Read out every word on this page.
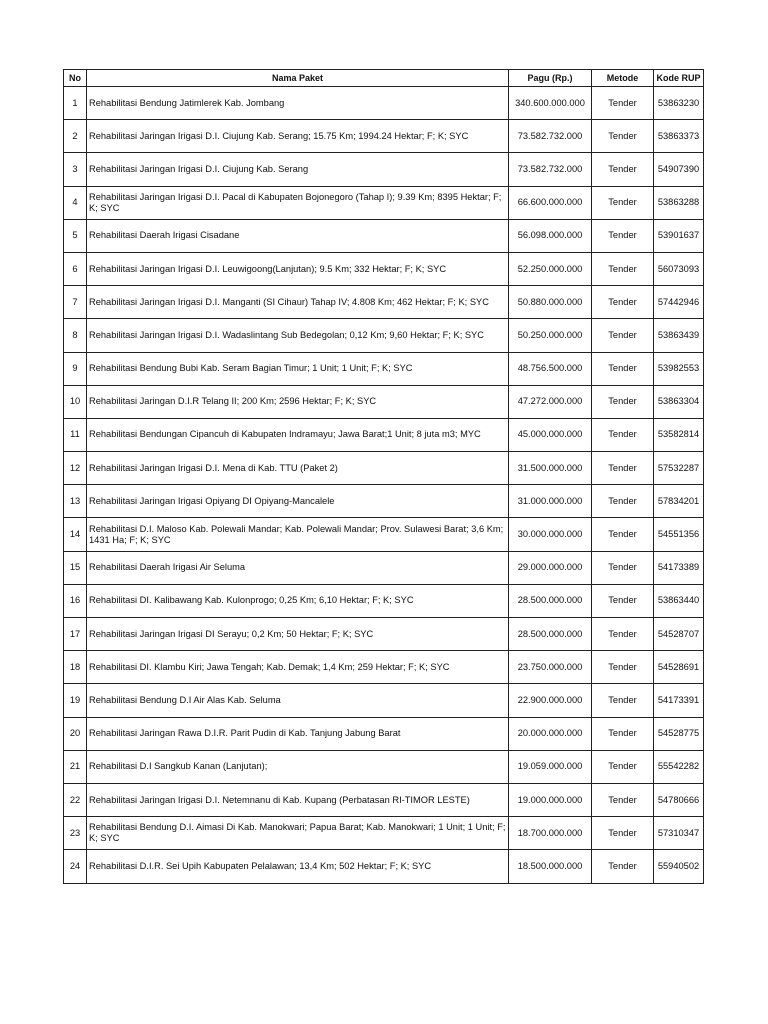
No	Nama Paket	Pagu (Rp.)	Metode	Kode RUP
1	Rehabilitasi Bendung Jatimlerek Kab. Jombang	340.600.000.000	Tender	53863230
2	Rehabilitasi Jaringan Irigasi D.I. Ciujung Kab. Serang; 15.75 Km; 1994.24 Hektar; F; K; SYC	73.582.732.000	Tender	53863373
3	Rehabilitasi Jaringan Irigasi D.I. Ciujung Kab. Serang	73.582.732.000	Tender	54907390
4	Rehabilitasi Jaringan Irigasi D.I. Pacal di Kabupaten Bojonegoro (Tahap I); 9.39 Km; 8395 Hektar; F; K; SYC	66.600.000.000	Tender	53863288
5	Rehabilitasi Daerah Irigasi Cisadane	56.098.000.000	Tender	53901637
6	Rehabilitasi Jaringan Irigasi D.I. Leuwigoong(Lanjutan); 9.5 Km; 332 Hektar; F; K; SYC	52.250.000.000	Tender	56073093
7	Rehabilitasi Jaringan Irigasi D.I. Manganti (SI Cihaur) Tahap IV; 4.808 Km; 462 Hektar; F; K; SYC	50.880.000.000	Tender	57442946
8	Rehabilitasi Jaringan Irigasi D.I. Wadaslintang Sub Bedegolan; 0,12 Km; 9,60 Hektar; F; K; SYC	50.250.000.000	Tender	53863439
9	Rehabilitasi Bendung Bubi Kab. Seram Bagian Timur; 1 Unit; 1 Unit; F; K; SYC	48.756.500.000	Tender	53982553
10	Rehabilitasi Jaringan D.I.R Telang II; 200 Km; 2596 Hektar; F; K; SYC	47.272.000.000	Tender	53863304
11	Rehabilitasi Bendungan Cipancuh di Kabupaten Indramayu; Jawa Barat;1 Unit; 8 juta m3; MYC	45.000.000.000	Tender	53582814
12	Rehabilitasi Jaringan Irigasi D.I. Mena di Kab. TTU (Paket 2)	31.500.000.000	Tender	57532287
13	Rehabilitasi Jaringan Irigasi Opiyang DI Opiyang-Mancalele	31.000.000.000	Tender	57834201
14	Rehabilitasi D.I. Maloso Kab. Polewali Mandar; Kab. Polewali Mandar; Prov. Sulawesi Barat; 3,6 Km; 1431 Ha; F; K; SYC	30.000.000.000	Tender	54551356
15	Rehabilitasi Daerah Irigasi Air Seluma	29.000.000.000	Tender	54173389
16	Rehabilitasi DI. Kalibawang Kab. Kulonprogo; 0,25 Km; 6,10 Hektar; F; K; SYC	28.500.000.000	Tender	53863440
17	Rehabilitasi Jaringan Irigasi DI Serayu; 0,2 Km; 50 Hektar; F; K; SYC	28.500.000.000	Tender	54528707
18	Rehabilitasi DI. Klambu Kiri; Jawa Tengah; Kab. Demak; 1,4 Km; 259 Hektar; F; K; SYC	23.750.000.000	Tender	54528691
19	Rehabilitasi Bendung D.I Air Alas Kab. Seluma	22.900.000.000	Tender	54173391
20	Rehabilitasi Jaringan Rawa D.I.R. Parit Pudin di Kab. Tanjung Jabung Barat	20.000.000.000	Tender	54528775
21	Rehabilitasi D.I Sangkub Kanan (Lanjutan);	19.059.000.000	Tender	55542282
22	Rehabilitasi Jaringan Irigasi D.I. Netemnanu di Kab. Kupang (Perbatasan RI-TIMOR LESTE)	19.000.000.000	Tender	54780666
23	Rehabilitasi Bendung D.I. Aimasi Di Kab. Manokwari; Papua Barat; Kab. Manokwari; 1 Unit; 1 Unit; F; K; SYC	18.700.000.000	Tender	57310347
24	Rehabilitasi D.I.R. Sei Upih Kabupaten Pelalawan; 13,4 Km; 502 Hektar; F; K; SYC	18.500.000.000	Tender	55940502
